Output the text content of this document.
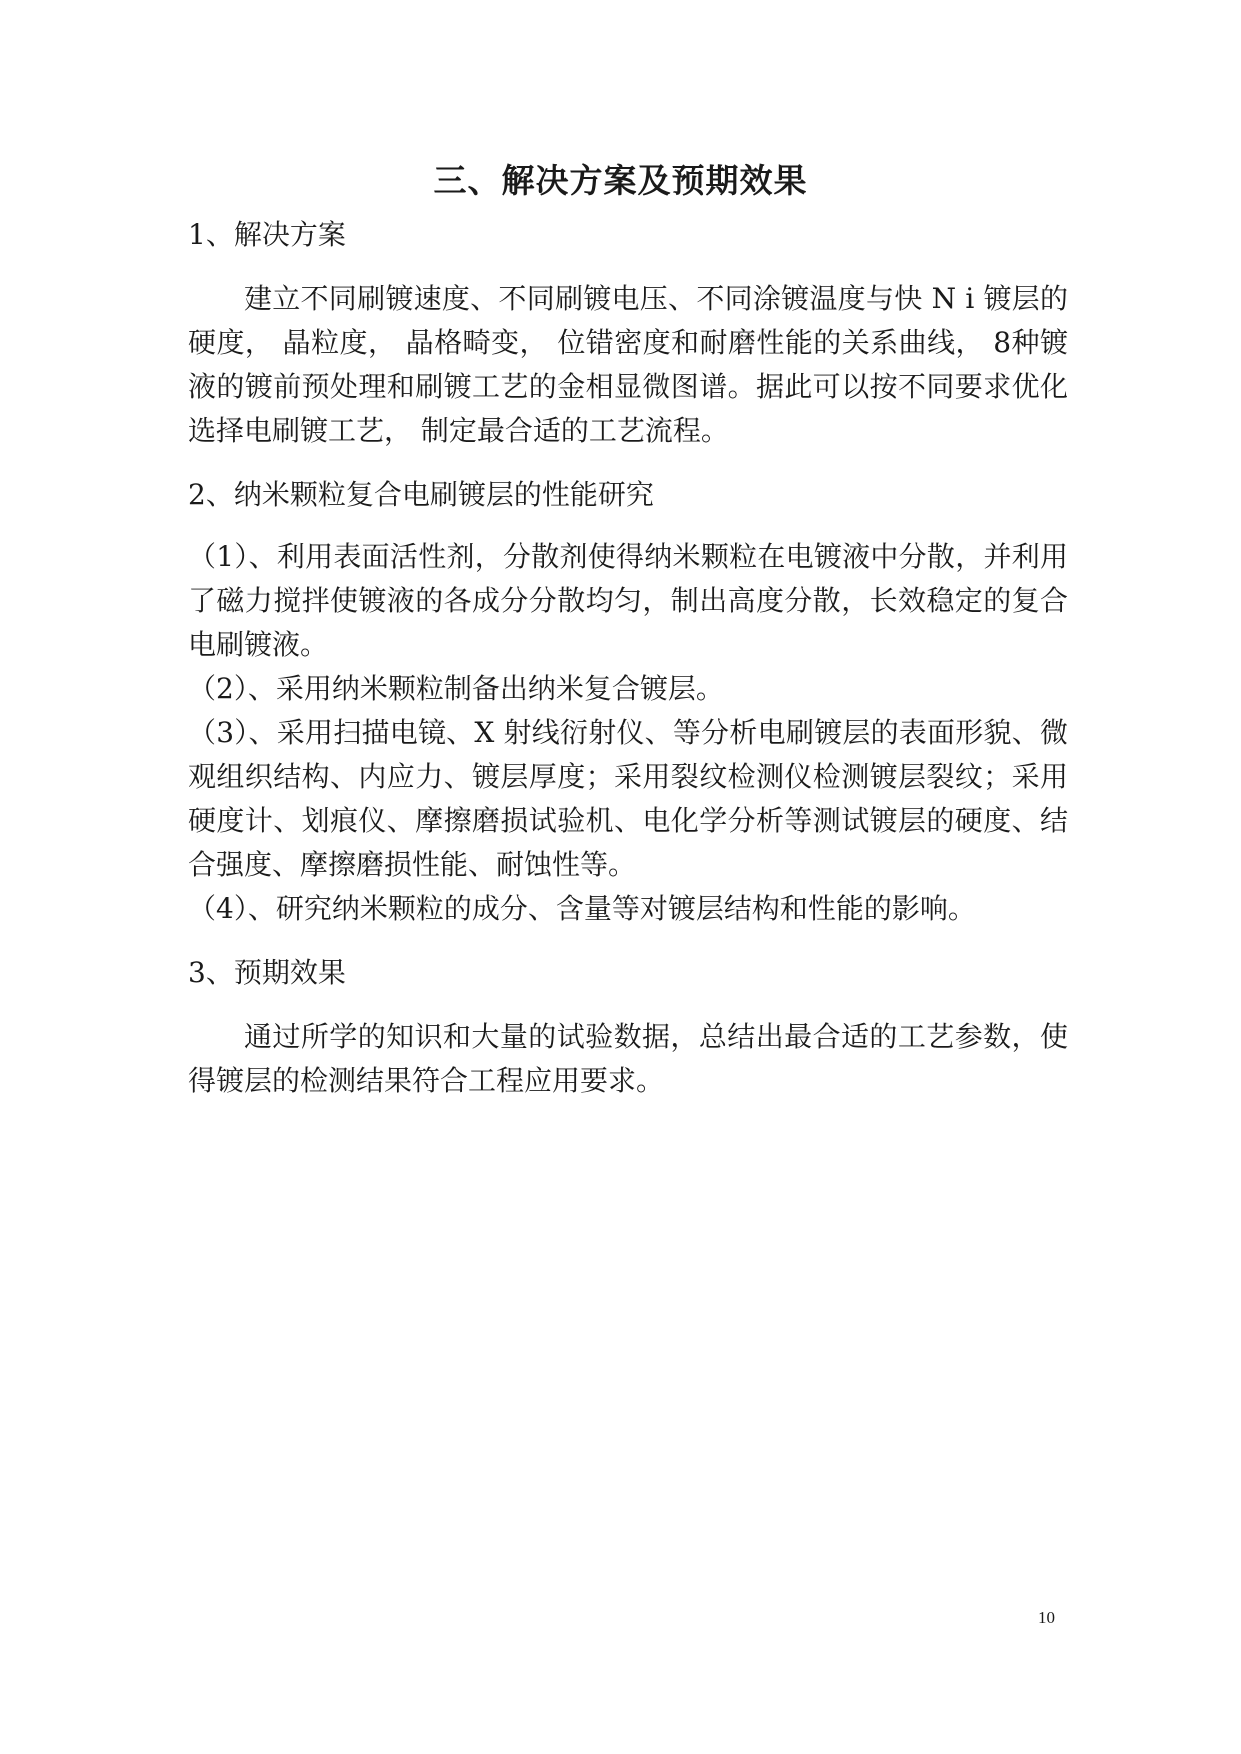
三、解决方案及预期效果

1、解决方案

建立不同刷镀速度、不同刷镀电压、不同涂镀温度与快 N i 镀层的硬度， 晶粒度， 晶格畸变， 位错密度和耐磨性能的关系曲线， 8种镀液的镀前预处理和刷镀工艺的金相显微图谱。据此可以按不同要求优化选择电刷镀工艺， 制定最合适的工艺流程。

2、纳米颗粒复合电刷镀层的性能研究

（1）、利用表面活性剂，分散剂使得纳米颗粒在电镀液中分散，并利用了磁力搅拌使镀液的各成分分散均匀，制出高度分散，长效稳定的复合电刷镀液。

（2）、采用纳米颗粒制备出纳米复合镀层。

（3）、采用扫描电镜、X 射线衍射仪、等分析电刷镀层的表面形貌、微观组织结构、内应力、镀层厚度；采用裂纹检测仪检测镀层裂纹；采用硬度计、划痕仪、摩擦磨损试验机、电化学分析等测试镀层的硬度、结合强度、摩擦磨损性能、耐蚀性等。

（4）、研究纳米颗粒的成分、含量等对镀层结构和性能的影响。

3、预期效果

通过所学的知识和大量的试验数据，总结出最合适的工艺参数，使得镀层的检测结果符合工程应用要求。

10
